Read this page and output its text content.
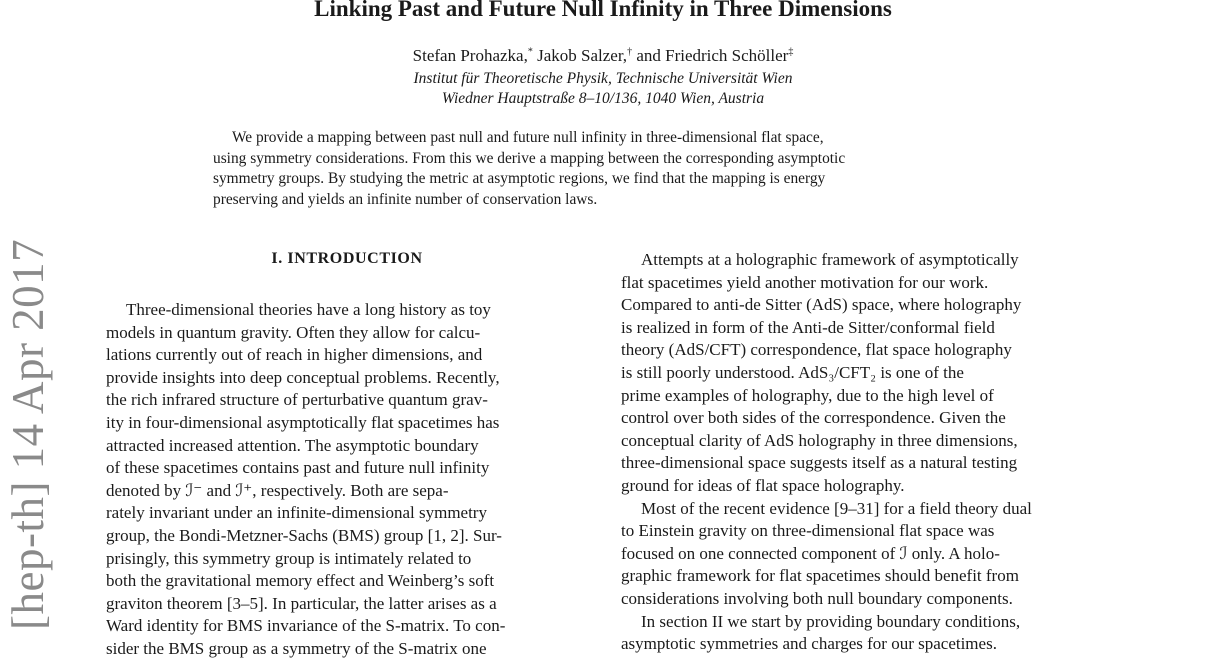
[hep-th] 14 Apr 2017
Linking Past and Future Null Infinity in Three Dimensions
Stefan Prohazka,* Jakob Salzer,† and Friedrich Schöller‡
Institut für Theoretische Physik, Technische Universität Wien
Wiedner Hauptstraße 8–10/136, 1040 Wien, Austria
We provide a mapping between past null and future null infinity in three-dimensional flat space,
using symmetry considerations. From this we derive a mapping between the corresponding asymptotic
symmetry groups. By studying the metric at asymptotic regions, we find that the mapping is energy
preserving and yields an infinite number of conservation laws.
I. INTRODUCTION
Three-dimensional theories have a long history as toy
models in quantum gravity. Often they allow for calcu-
lations currently out of reach in higher dimensions, and
provide insights into deep conceptual problems. Recently,
the rich infrared structure of perturbative quantum grav-
ity in four-dimensional asymptotically flat spacetimes has
attracted increased attention. The asymptotic boundary
of these spacetimes contains past and future null infinity
denoted by ℐ⁻ and ℐ⁺, respectively. Both are sepa-
rately invariant under an infinite-dimensional symmetry
group, the Bondi-Metzner-Sachs (BMS) group [1, 2]. Sur-
prisingly, this symmetry group is intimately related to
both the gravitational memory effect and Weinberg’s soft
graviton theorem [3–5]. In particular, the latter arises as a
Ward identity for BMS invariance of the S-matrix. To con-
sider the BMS group as a symmetry of the S-matrix one
Attempts at a holographic framework of asymptotically
flat spacetimes yield another motivation for our work.
Compared to anti-de Sitter (AdS) space, where holography
is realized in form of the Anti-de Sitter/conformal field
theory (AdS/CFT) correspondence, flat space holography
is still poorly understood. AdS₃/CFT₂ is one of the
prime examples of holography, due to the high level of
control over both sides of the correspondence. Given the
conceptual clarity of AdS holography in three dimensions,
three-dimensional space suggests itself as a natural testing
ground for ideas of flat space holography.
Most of the recent evidence [9–31] for a field theory dual
to Einstein gravity on three-dimensional flat space was
focused on one connected component of ℐ only. A holo-
graphic framework for flat spacetimes should benefit from
considerations involving both null boundary components.
In section II we start by providing boundary conditions,
asymptotic symmetries and charges for our spacetimes.
